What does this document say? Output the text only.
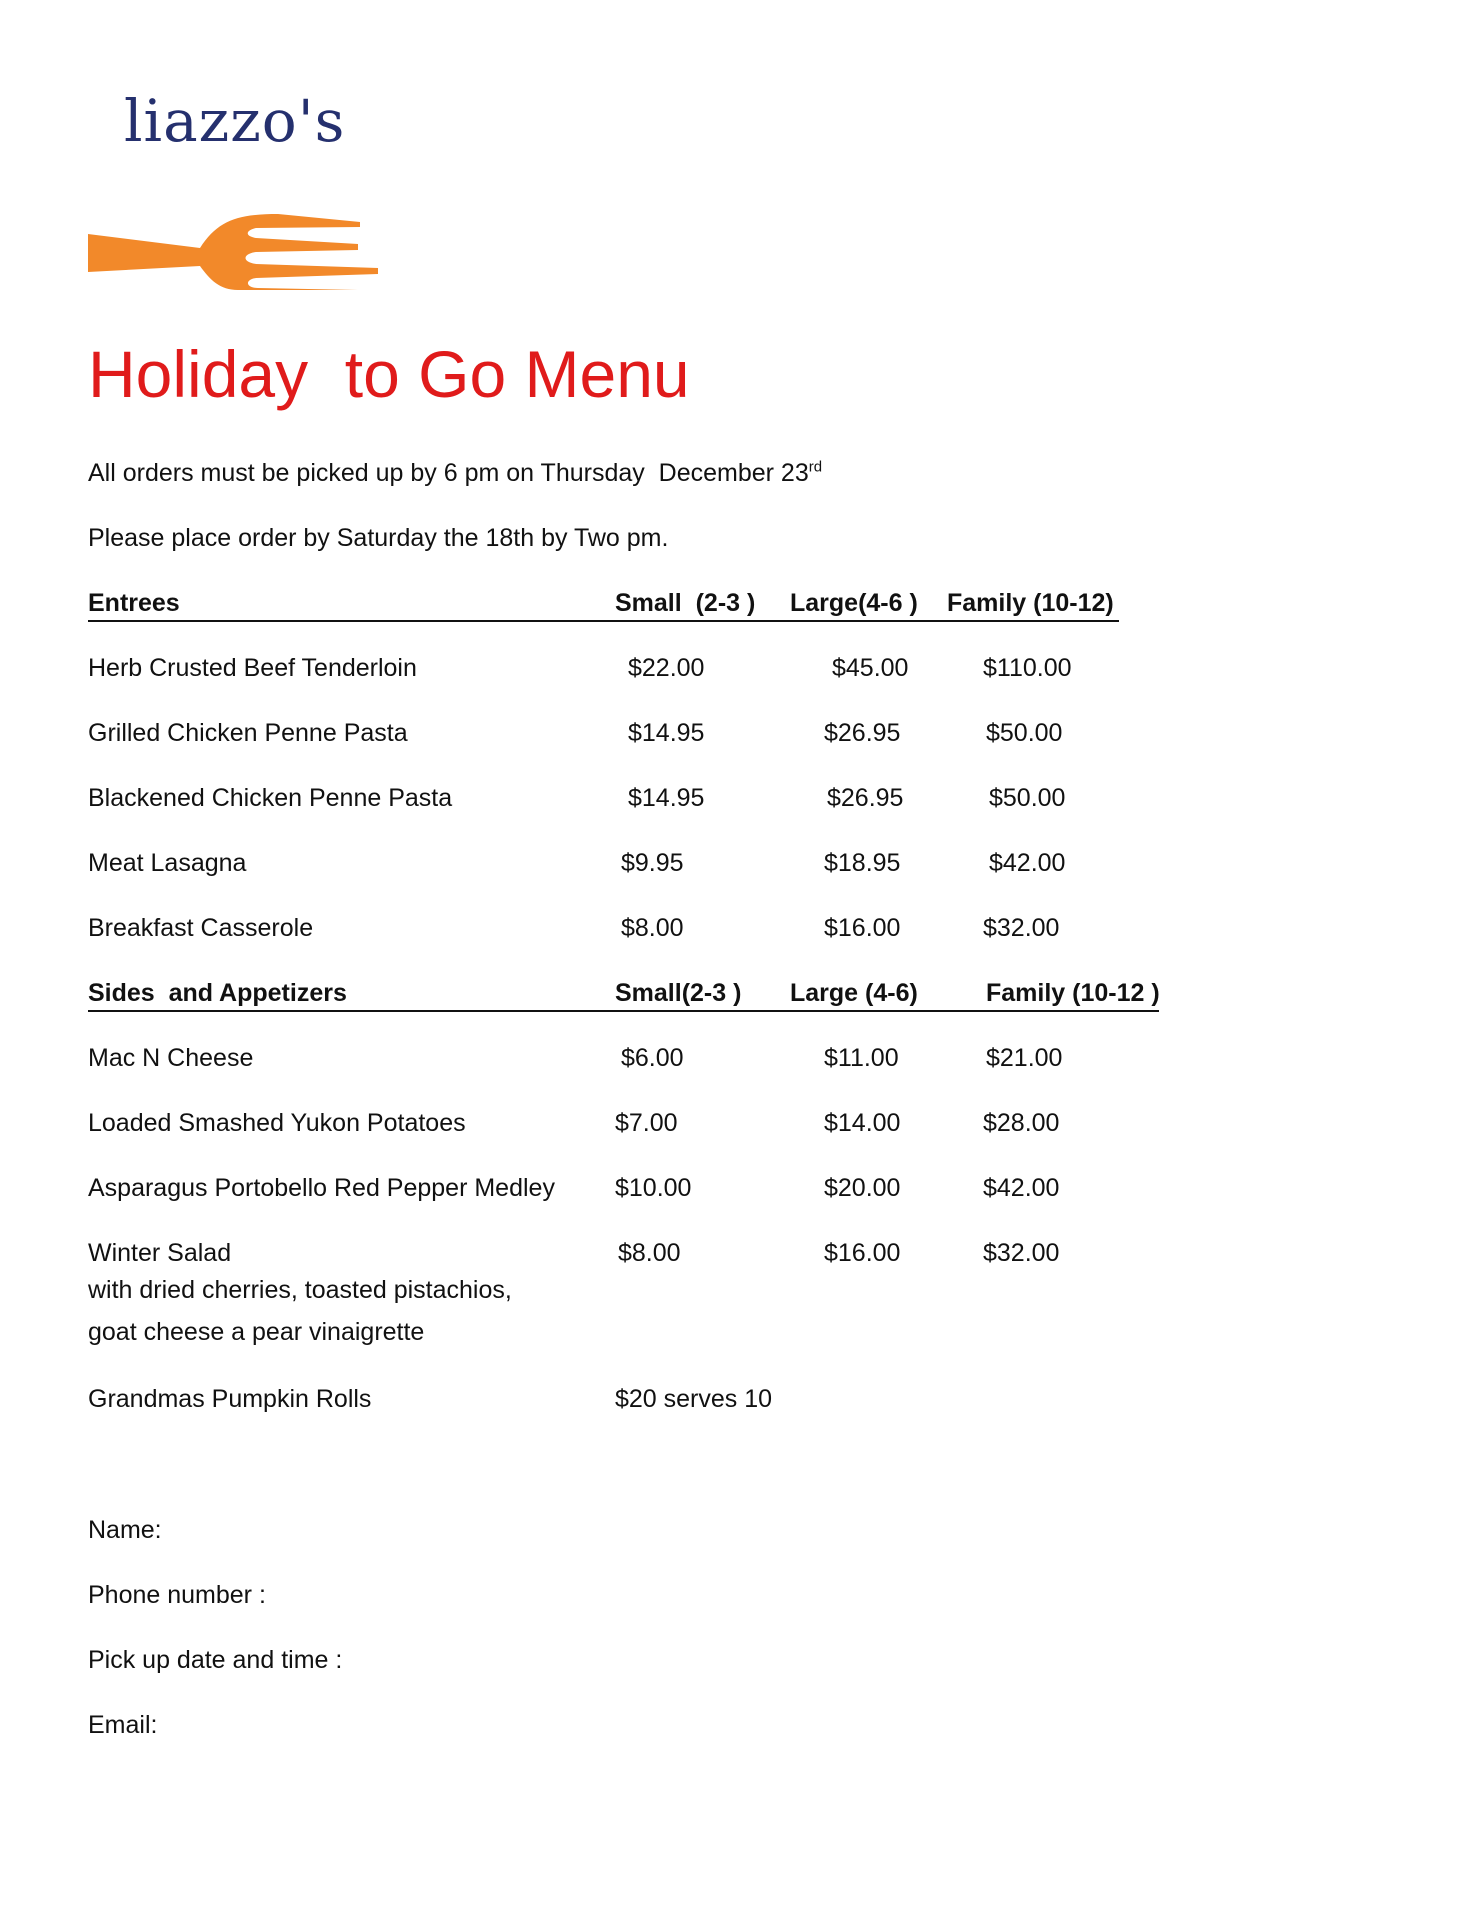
liazzo's
Holiday  to Go Menu
All orders must be picked up by 6 pm on Thursday  December 23rd
Please place order by Saturday the 18th by Two pm.
Entrees	Small  (2-3 ) Large(4-6 ) Family (10-12)
Herb Crusted Beef Tenderloin	$22.00	$45.00	$110.00
Grilled Chicken Penne Pasta	$14.95	$26.95	$50.00
Blackened Chicken Penne Pasta	$14.95	$26.95	$50.00
Meat Lasagna	$9.95	$18.95	$42.00
Breakfast Casserole	$8.00	$16.00	$32.00
Sides  and Appetizers	Small(2-3 ) Large (4-6)	Family (10-12 )
Mac N Cheese	$6.00	$11.00	$21.00
Loaded Smashed Yukon Potatoes	$7.00	$14.00	$28.00
Asparagus Portobello Red Pepper Medley $10.00	$20.00	$42.00
Winter Salad	$8.00	$16.00	$32.00
with dried cherries, toasted pistachios,
goat cheese a pear vinaigrette
Grandmas Pumpkin Rolls	$20 serves 10
Name:
Phone number :
Pick up date and time :
Email:
